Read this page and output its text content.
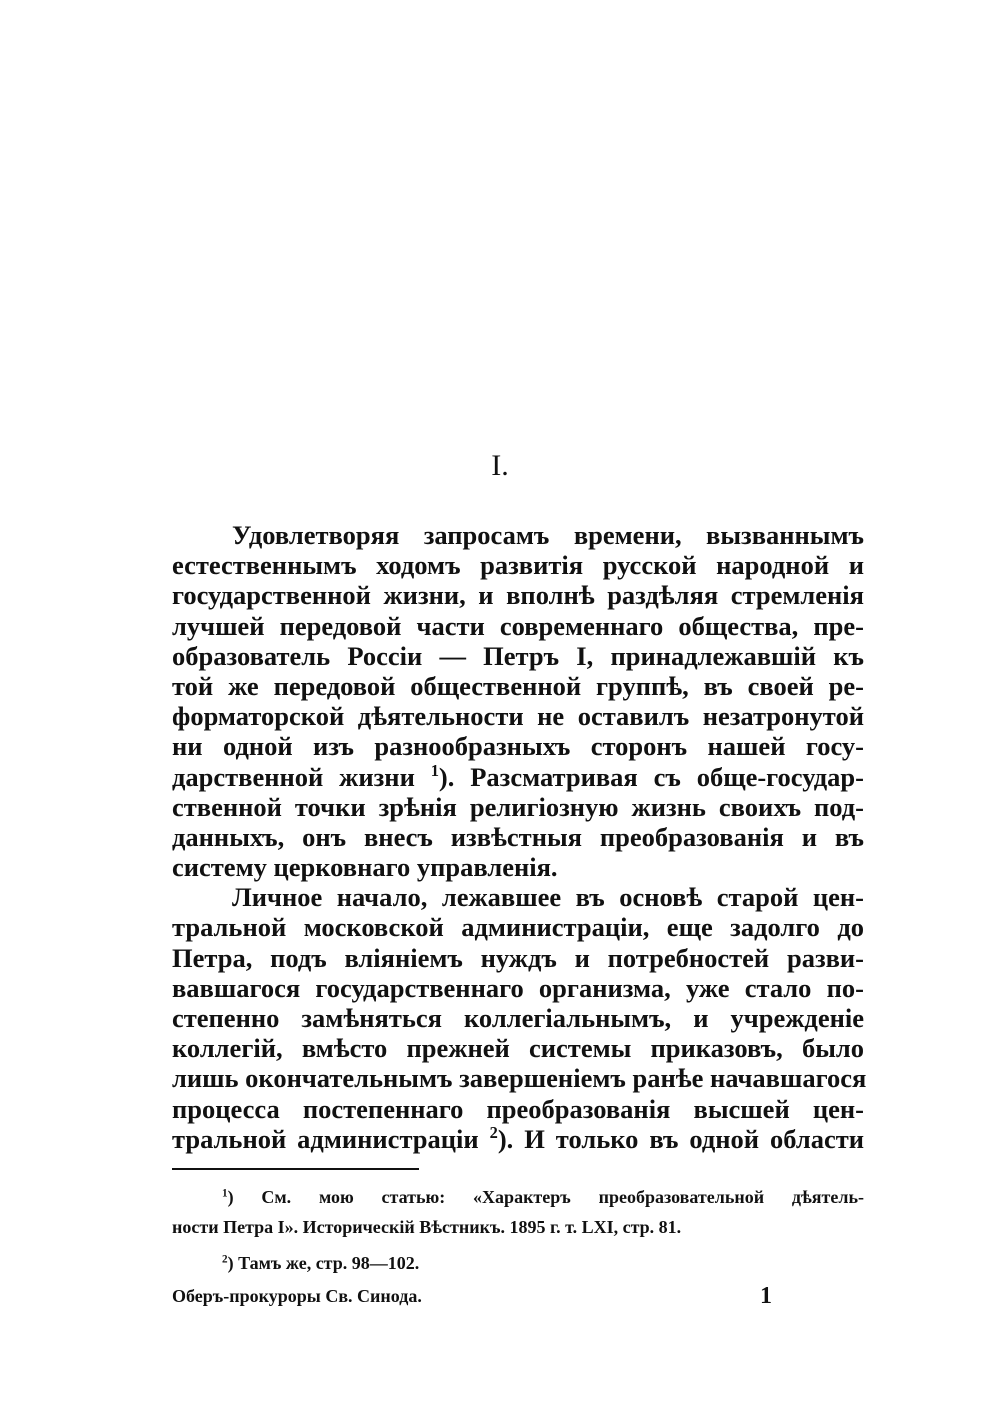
I.
Удовлетворяя запросамъ времени, вызваннымъ
естественнымъ ходомъ развитія русской народной и
государственной жизни, и вполнѣ раздѣляя стремленія
лучшей передовой части современнаго общества, пре-
образователь Россіи — Петръ I, принадлежавшій къ
той же передовой общественной группѣ, въ своей ре-
форматорской дѣятельности не оставилъ незатронутой
ни одной изъ разнообразныхъ сторонъ нашей госу-
дарственной жизни $^1$). Разсматривая съ обще-государ-
ственной точки зрѣнія религіозную жизнь своихъ под-
данныхъ, онъ внесъ извѣстныя преобразованія и въ
систему церковнаго управленія.
Личное начало, лежавшее въ основѣ старой цен-
тральной московской администраціи, еще задолго до
Петра, подъ вліяніемъ нуждъ и потребностей разви-
вавшагося государственнаго организма, уже стало по-
степенно замѣняться коллегіальнымъ, и учрежденіе
коллегій, вмѣсто прежней системы приказовъ, было
лишь окончательнымъ завершеніемъ ранѣе начавшагося
процесса постепеннаго преобразованія высшей цен-
тральной администраціи $^2$). И только въ одной области
$^1$) См. мою статью: «Характеръ преобразовательной дѣятель-
ности Петра I». Историческій Вѣстникъ. 1895 г. т. LXI, стр. 81.
$^2$) Тамъ же, стр. 98—102.
Оберъ-прокуроры Св. Синода.	1
